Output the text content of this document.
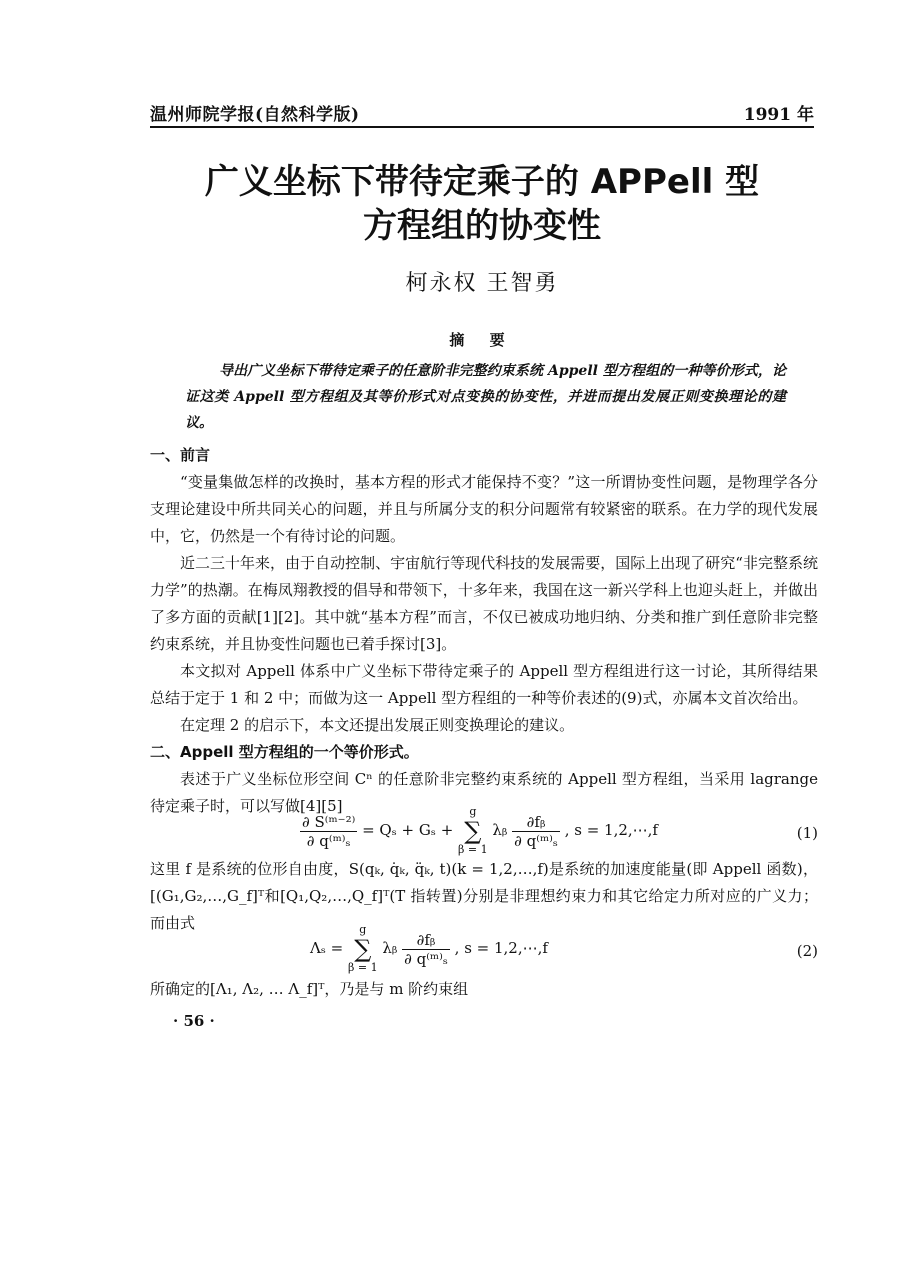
温州师院学报(自然科学版)	1991 年
广义坐标下带待定乘子的 APPell 型
方程组的协变性
柯永权 王智勇
摘 要
导出广义坐标下带待定乘子的任意阶非完整约束系统 Appell 型方程组的一种等价形式，论证这类 Appell 型方程组及其等价形式对点变换的协变性，并进而提出发展正则变换理论的建议。
一、前言
“变量集做怎样的改换时，基本方程的形式才能保持不变？”这一所谓协变性问题，是物理学各分支理论建设中所共同关心的问题，并且与所属分支的积分问题常有较紧密的联系。在力学的现代发展中，它，仍然是一个有待讨论的问题。
近二三十年来，由于自动控制、宇宙航行等现代科技的发展需要，国际上出现了研究“非完整系统力学”的热潮。在梅凤翔教授的倡导和带领下，十多年来，我国在这一新兴学科上也迎头赶上，并做出了多方面的贡献[1][2]。其中就“基本方程”而言，不仅已被成功地归纳、分类和推广到任意阶非完整约束系统，并且协变性问题也已着手探讨[3]。
本文拟对 Appell 体系中广义坐标下带待定乘子的 Appell 型方程组进行这一讨论，其所得结果总结于定于 1 和 2 中；而做为这一 Appell 型方程组的一种等价表述的(9)式，亦属本文首次给出。
在定理 2 的启示下，本文还提出发展正则变换理论的建议。
二、Appell 型方程组的一个等价形式。
表述于广义坐标位形空间 Cⁿ 的任意阶非完整约束系统的 Appell 型方程组，当采用 lagrange 待定乘子时，可以写做[4][5]
$\frac{\text{∂ S⁽ᵐ⁻²⁾}}{\text{∂ q⁽ᵐ⁾ₛ}} = Q_s + G_s + g$
∑
β = 1 λᵦ $\frac{\text{∂fᵦ}}{\text{∂ q⁽ᵐ⁾ₛ}}$ , s = 1,2,⋯,f	(1)
这里 f 是系统的位形自由度，S(qₖ, q̇ₖ, q̈ₖ, t)(k = 1,2,…,f)是系统的加速度能量(即 Appell 函数)，[(G₁,G₂,…,G_f]ᵀ和[Q₁,Q₂,…,Q_f]ᵀ(T 指转置)分别是非理想约束力和其它给定力所对应的广义力；而由式
Λₛ = g
∑
β = 1 λᵦ $\frac{\text{∂fᵦ}}{\text{∂ q⁽ᵐ⁾ₛ}}$ , s = 1,2,⋯,f	(2)
所确定的[Λ₁, Λ₂, … Λ_f]ᵀ，乃是与 m 阶约束组
· 56 ·
